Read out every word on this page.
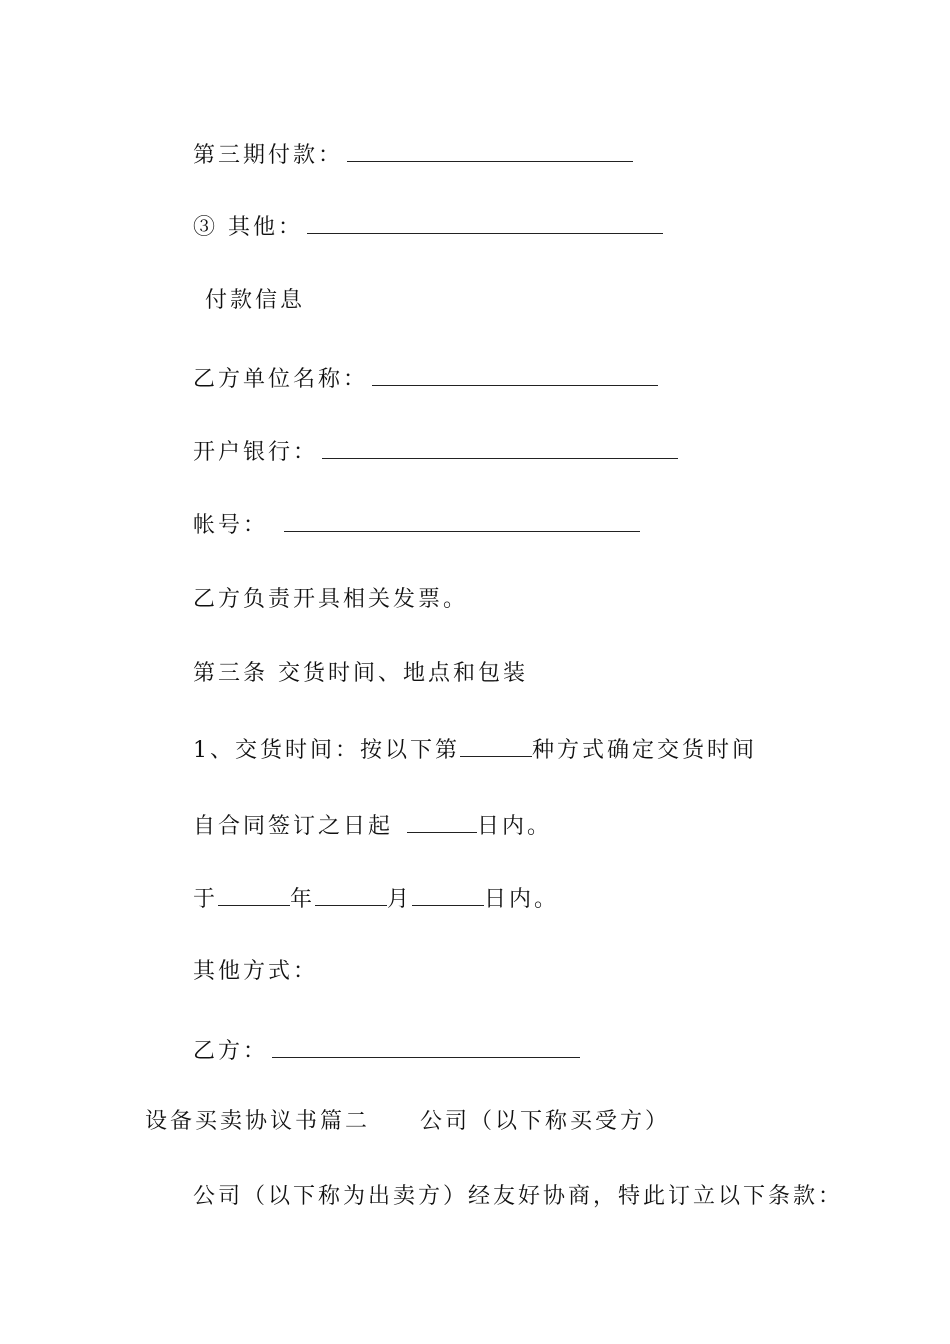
第三期付款：
③ 其他：
付款信息
乙方单位名称：
开户银行：
帐号：
乙方负责开具相关发票。
第三条 交货时间、地点和包装
1、交货时间：按以下第	种方式确定交货时间
自合同签订之日起	日内。
于	年	月	日内。
其他方式：
乙方：
设备买卖协议书篇二 公司（以下称买受方）
公司（以下称为出卖方）经友好协商，特此订立以下条款：
